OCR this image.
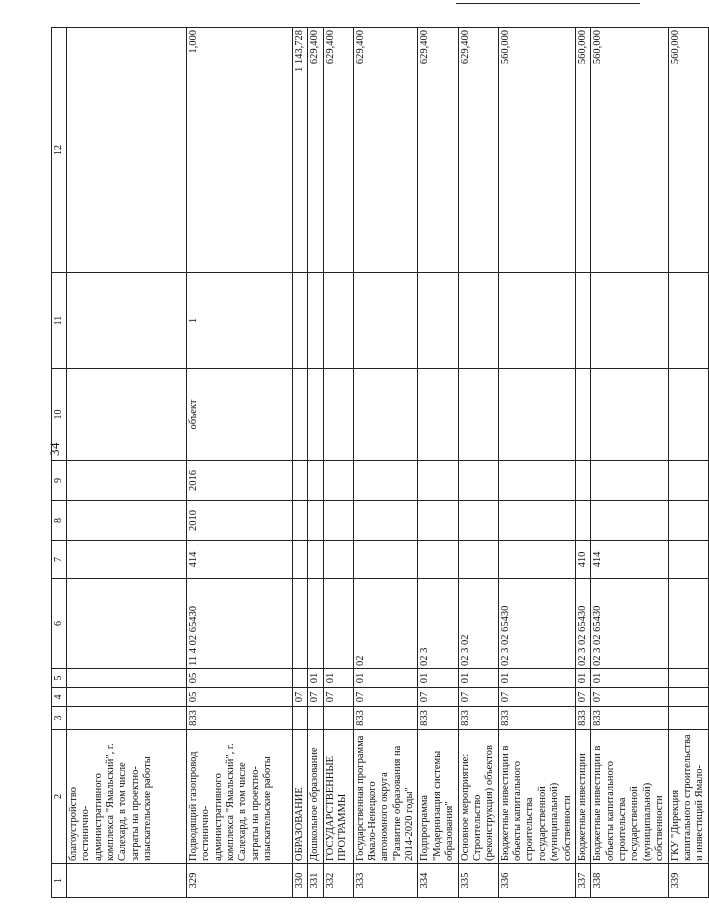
34
1	2	3	4	5	6	7	8	9	10	11	12
	благоустройство гостинично-административного комплекса "Ямальский", г. Салехард, в том числе затраты на проектно-изыскательские работы										
329	Подводящий газопровод гостинично-административного комплекса "Ямальский", г. Салехард, в том числе затраты на проектно-изыскательские работы	833	05	05	11 4 02 65430	414	2010	2016	объект	1	1,000
330	ОБРАЗОВАНИЕ		07								1 143,728
331	Дошкольное образование		07	01							629,400
332	ГОСУДАРСТВЕННЫЕ ПРОГРАММЫ		07	01							629,400
333	Государственная программа Ямало-Ненецкого автономного округа "Развитие образования на 2014-2020 годы"	833	07	01	02						629,400
334	Подпрограмма "Модернизация системы образования"	833	07	01	02 3						629,400
335	Основное мероприятие: Строительство (реконструкция) объектов	833	07	01	02 3 02						629,400
336	Бюджетные инвестиции в объекты капитального строительства государственной (муниципальной) собственности	833	07	01	02 3 02 65430						560,000
337	Бюджетные инвестиции	833	07	01	02 3 02 65430	410					560,000
338	Бюджетные инвестиции в объекты капитального строительства государственной (муниципальной) собственности	833	07	01	02 3 02 65430	414					560,000
339	ГКУ "Дирекция капитального строительства и инвестиций Ямало-										560,000
